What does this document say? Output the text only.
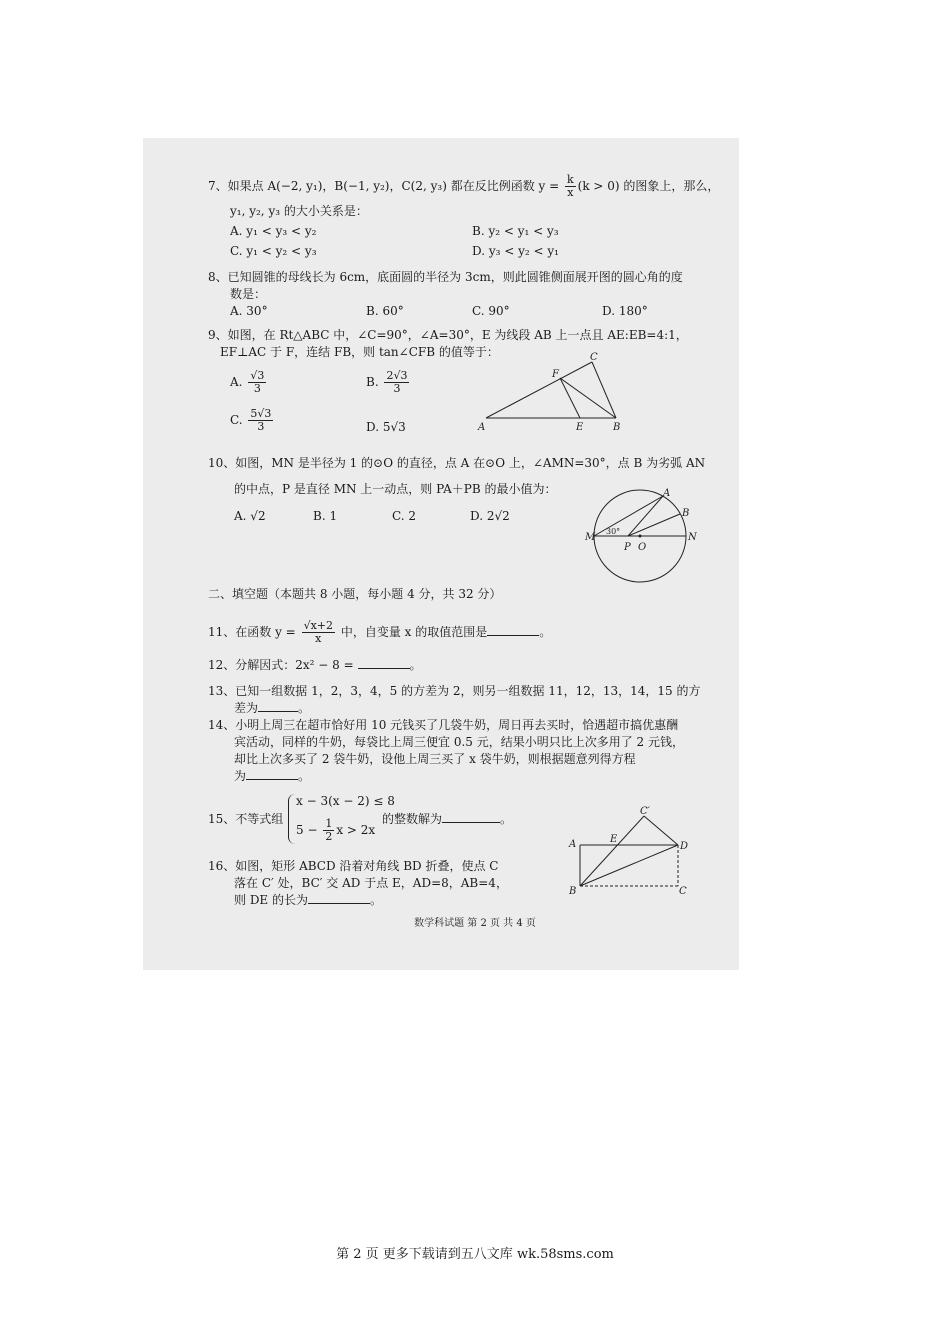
7、如果点 A(−2, y₁)，B(−1, y₂)，C(2, y₃) 都在反比例函数 $y = \frac{k}{x} (k > 0)$ 的图象上，那么，
y₁, y₂, y₃ 的大小关系是：
A. y₁ < y₃ < y₂	B. y₂ < y₁ < y₃
C. y₁ < y₂ < y₃	D. y₃ < y₂ < y₁
8、已知圆锥的母线长为 6cm，底面圆的半径为 3cm，则此圆锥侧面展开图的圆心角的度
数是：
A. 30°	B. 60°	C. 90°	D. 180°
9、如图，在 Rt△ABC 中，∠C=90°，∠A=30°，E 为线段 AB 上一点且 AE:EB=4:1，
EF⊥AC 于 F，连结 FB，则 tan∠CFB 的值等于：
A. $\frac{√3}{3}$	B. $\frac{2√3}{3}$
C. $\frac{5√3}{3}$	D. 5√3	A	B
C
E
F
10、如图，MN 是半径为 1 的⊙O 的直径，点 A 在⊙O 上，∠AMN=30°，点 B 为劣弧 AN
的中点，P 是直径 MN 上一动点，则 PA＋PB 的最小值为：
A. √2	B. 1	C. 2	D. 2√2
M	N
O
P
A
B
30°
二、填空题（本题共 8 小题，每小题 4 分，共 32 分）
11、在函数 $y = \frac{√x+2}{x}$ 中，自变量 x 的取值范围是	。
12、分解因式：2x² − 8 =	。
13、已知一组数据 1，2，3，4，5 的方差为 2，则另一组数据 11，12，13，14，15 的方
差为	。
14、小明上周三在超市恰好用 10 元钱买了几袋牛奶，周日再去买时，恰遇超市搞优惠酬
宾活动，同样的牛奶，每袋比上周三便宜 0.5 元，结果小明只比上次多用了 2 元钱，
却比上次多买了 2 袋牛奶，设他上周三买了 x 袋牛奶，则根据题意列得方程
为	。
15、不等式组
x − 3(x − 2) ≤ 8
$5 - \frac{1}{2}$ x > 2x
的整数解为	。
16、如图，矩形 ABCD 沿着对角线 BD 折叠，使点 C
落在 C′ 处，BC′ 交 AD 于点 E，AD=8，AB=4，
则 DE 的长为	。
A
B	C
D
E
C′
数学科试题 第 2 页 共 4 页
第 2 页 更多下载请到五八文库 wk.58sms.com
